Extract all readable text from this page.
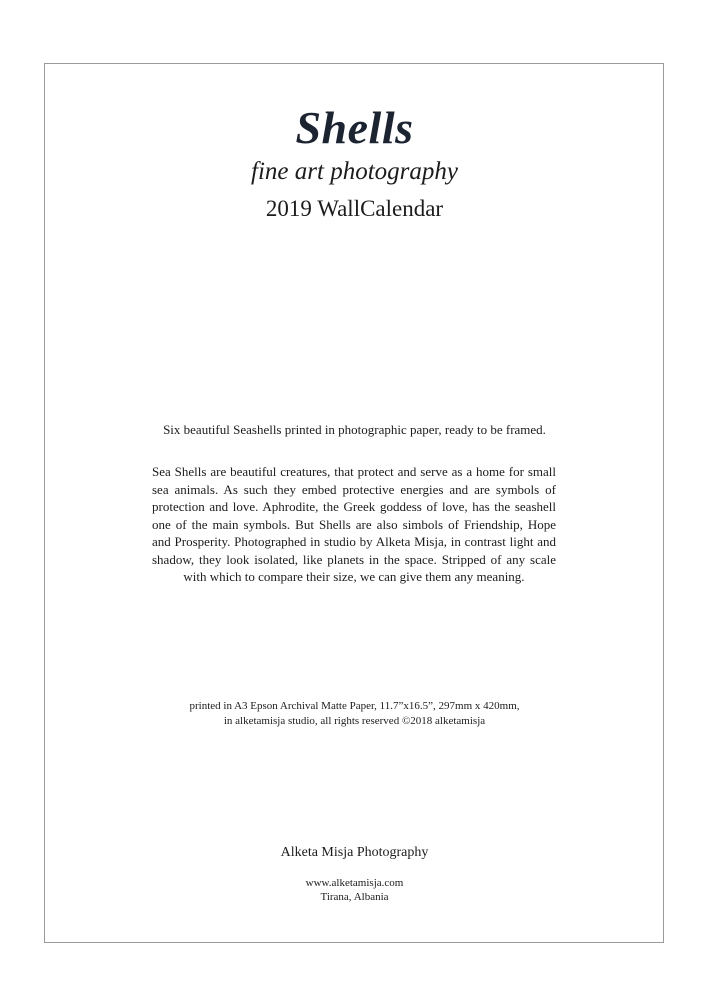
Shells
fine art photography
2019 WallCalendar
Six beautiful Seashells printed in photographic paper, ready to be framed.
Sea Shells are beautiful creatures, that protect and serve as a home for small sea animals. As such they embed protective energies and are symbols of protection and love. Aphrodite, the Greek goddess of love, has the seashell one of the main symbols. But Shells are also simbols of Friendship, Hope and Prosperity. Photographed in studio by Alketa Misja, in contrast light and shadow, they look isolated, like planets in the space. Stripped of any scale with which to compare their size, we can give them any meaning.
printed in A3 Epson Archival Matte Paper, 11.7”x16.5”, 297mm x 420mm,
in alketamisja studio, all rights reserved ©2018 alketamisja
Alketa Misja Photography
www.alketamisja.com
Tirana, Albania
